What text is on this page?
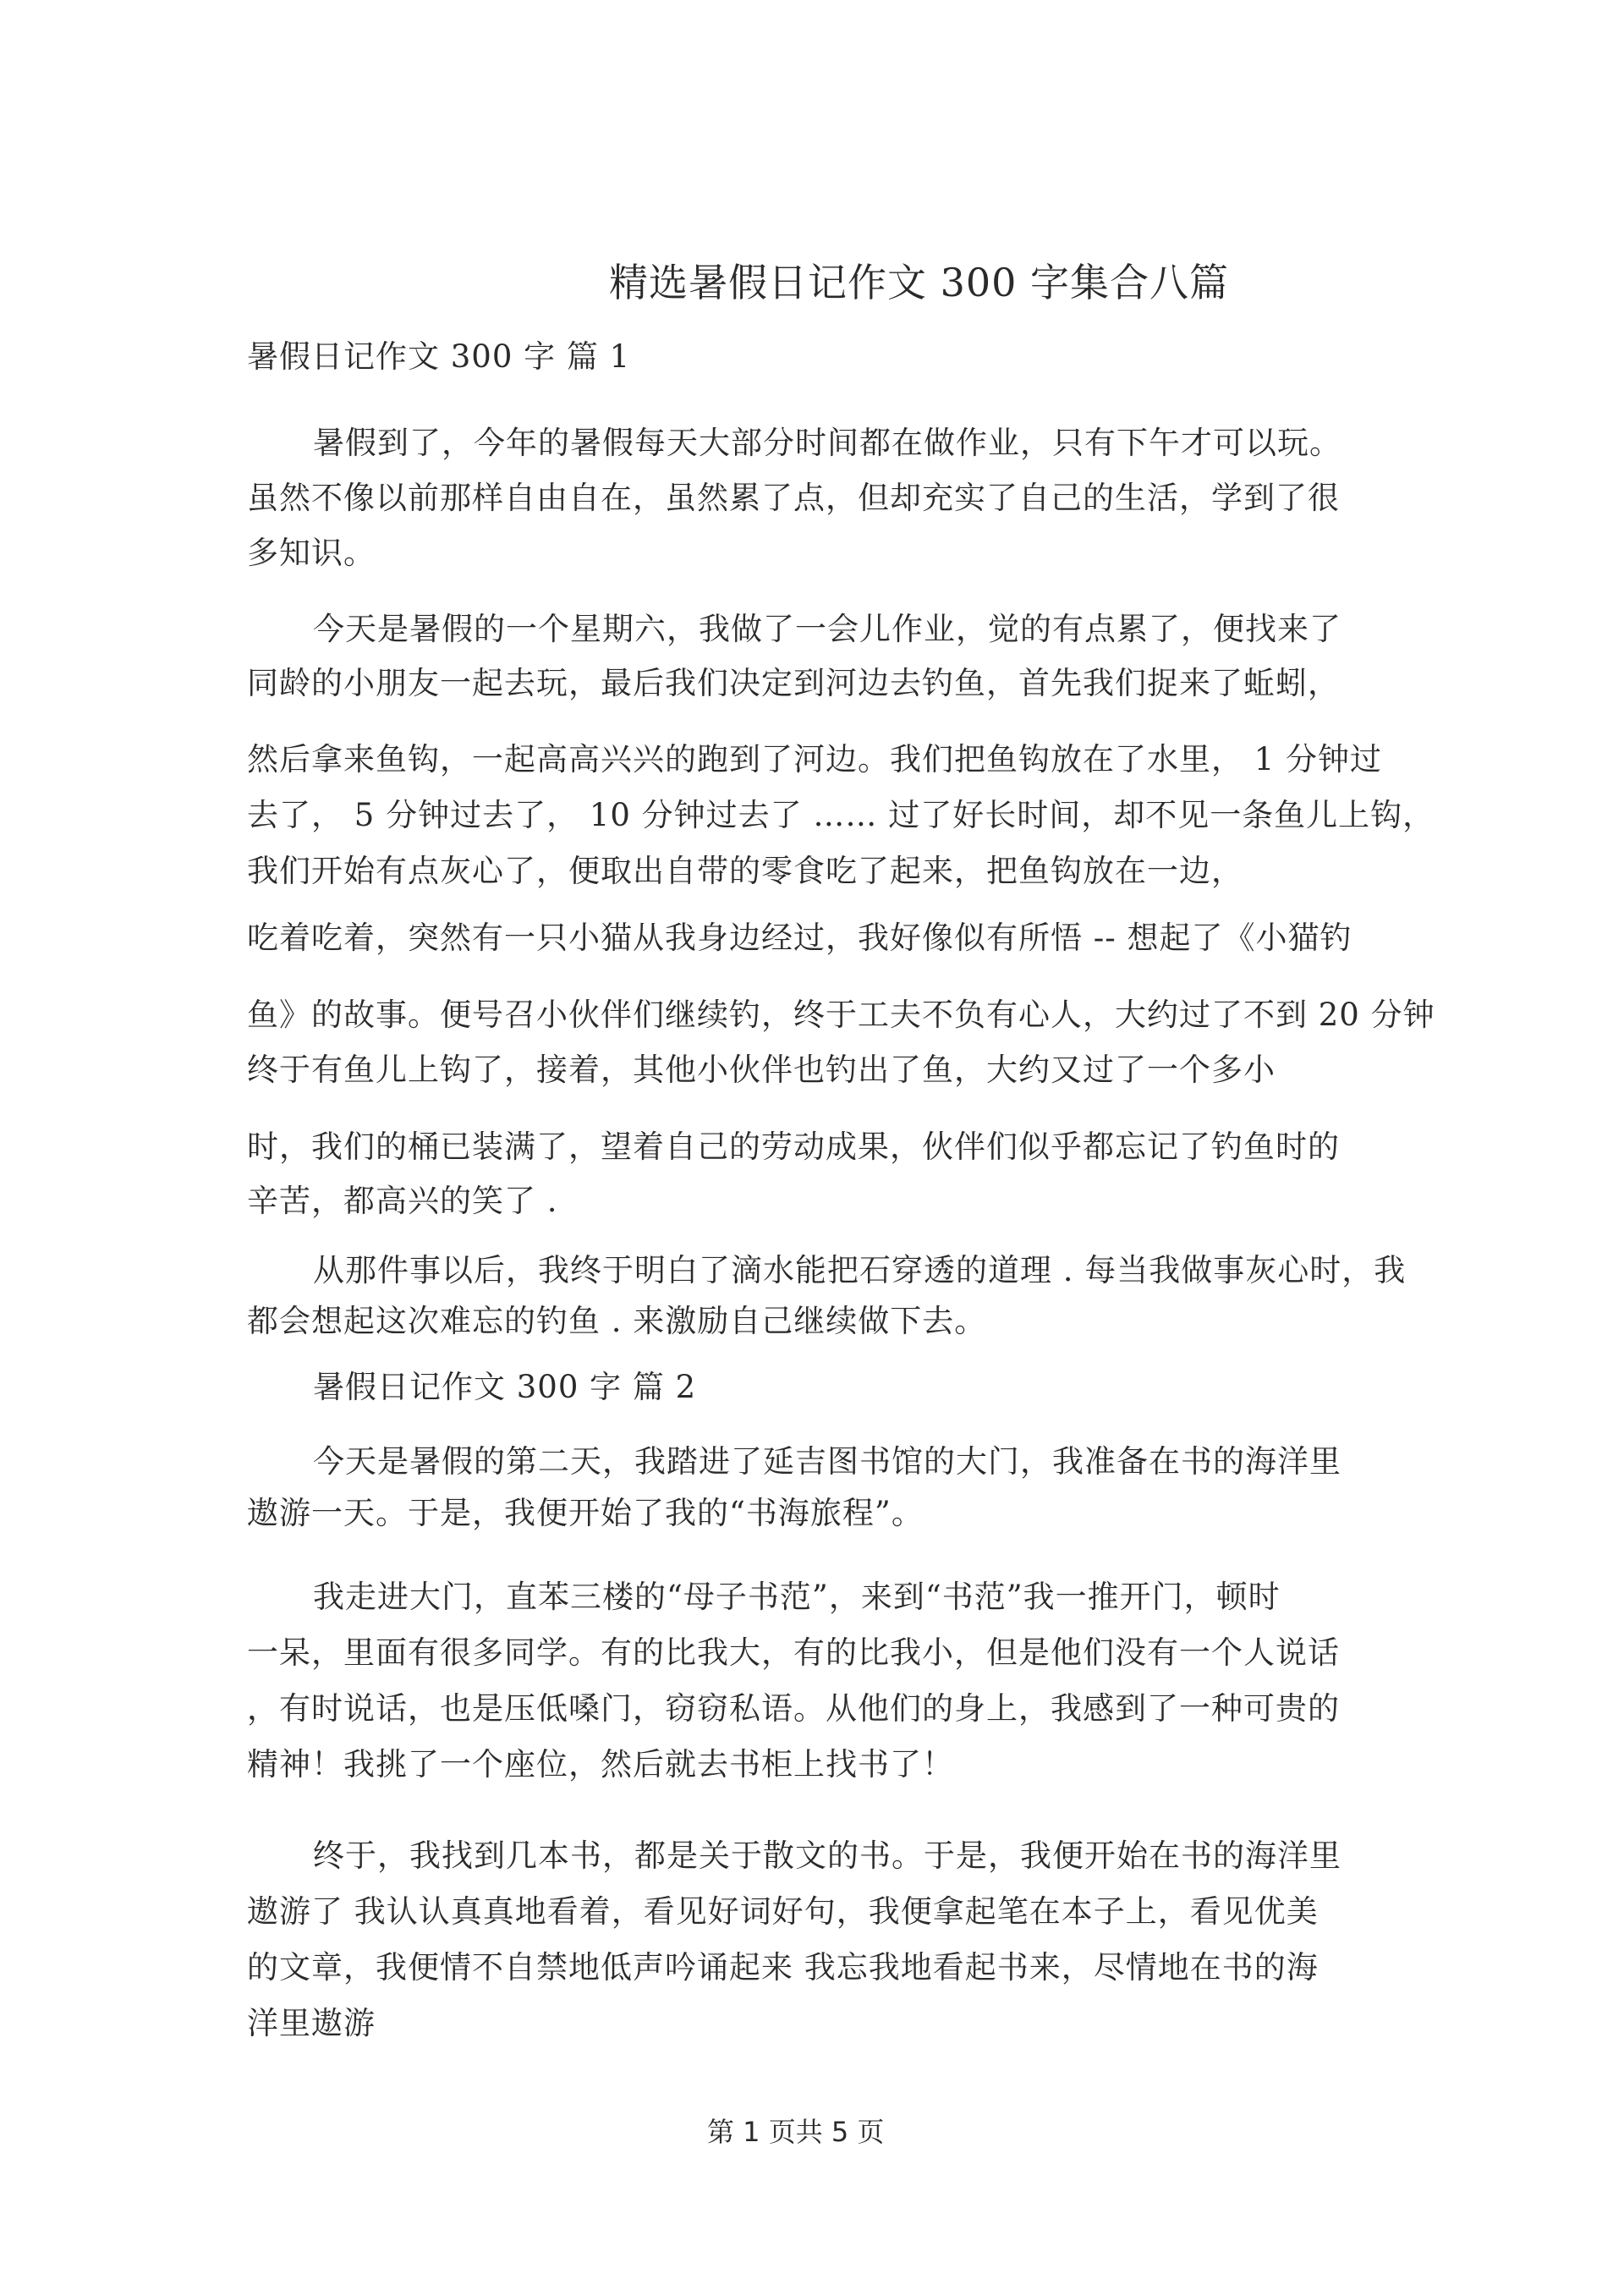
精选暑假日记作文 300 字集合八篇
暑假日记作文 300 字 篇 1
暑假到了，今年的暑假每天大部分时间都在做作业，只有下午才可以玩。
虽然不像以前那样自由自在，虽然累了点，但却充实了自己的生活，学到了很
多知识。
今天是暑假的一个星期六，我做了一会儿作业，觉的有点累了，便找来了
同龄的小朋友一起去玩，最后我们决定到河边去钓鱼，首先我们捉来了蚯蚓，
然后拿来鱼钩，一起高高兴兴的跑到了河边。我们把鱼钩放在了水里， 1 分钟过
去了， 5 分钟过去了， 10 分钟过去了 …… 过了好长时间，却不见一条鱼儿上钩，
我们开始有点灰心了，便取出自带的零食吃了起来，把鱼钩放在一边，
吃着吃着，突然有一只小猫从我身边经过，我好像似有所悟 -- 想起了《小猫钓
鱼》的故事。便号召小伙伴们继续钓，终于工夫不负有心人，大约过了不到 20 分钟
终于有鱼儿上钩了，接着，其他小伙伴也钓出了鱼，大约又过了一个多小
时，我们的桶已装满了，望着自己的劳动成果，伙伴们似乎都忘记了钓鱼时的
辛苦，都高兴的笑了 .
从那件事以后，我终于明白了滴水能把石穿透的道理 . 每当我做事灰心时，我
都会想起这次难忘的钓鱼 . 来激励自己继续做下去。
暑假日记作文 300 字 篇 2
今天是暑假的第二天，我踏进了延吉图书馆的大门，我准备在书的海洋里
遨游一天。于是，我便开始了我的“书海旅程”。
我走进大门，直苯三楼的“母子书范”，来到“书范”我一推开门，顿时
一呆，里面有很多同学。有的比我大，有的比我小，但是他们没有一个人说话
，有时说话，也是压低嗓门，窃窃私语。从他们的身上，我感到了一种可贵的
精神！我挑了一个座位，然后就去书柜上找书了！
终于，我找到几本书，都是关于散文的书。于是，我便开始在书的海洋里
遨游了 我认认真真地看着，看见好词好句，我便拿起笔在本子上，看见优美
的文章，我便情不自禁地低声吟诵起来 我忘我地看起书来，尽情地在书的海
洋里遨游
第 1 页共 5 页
